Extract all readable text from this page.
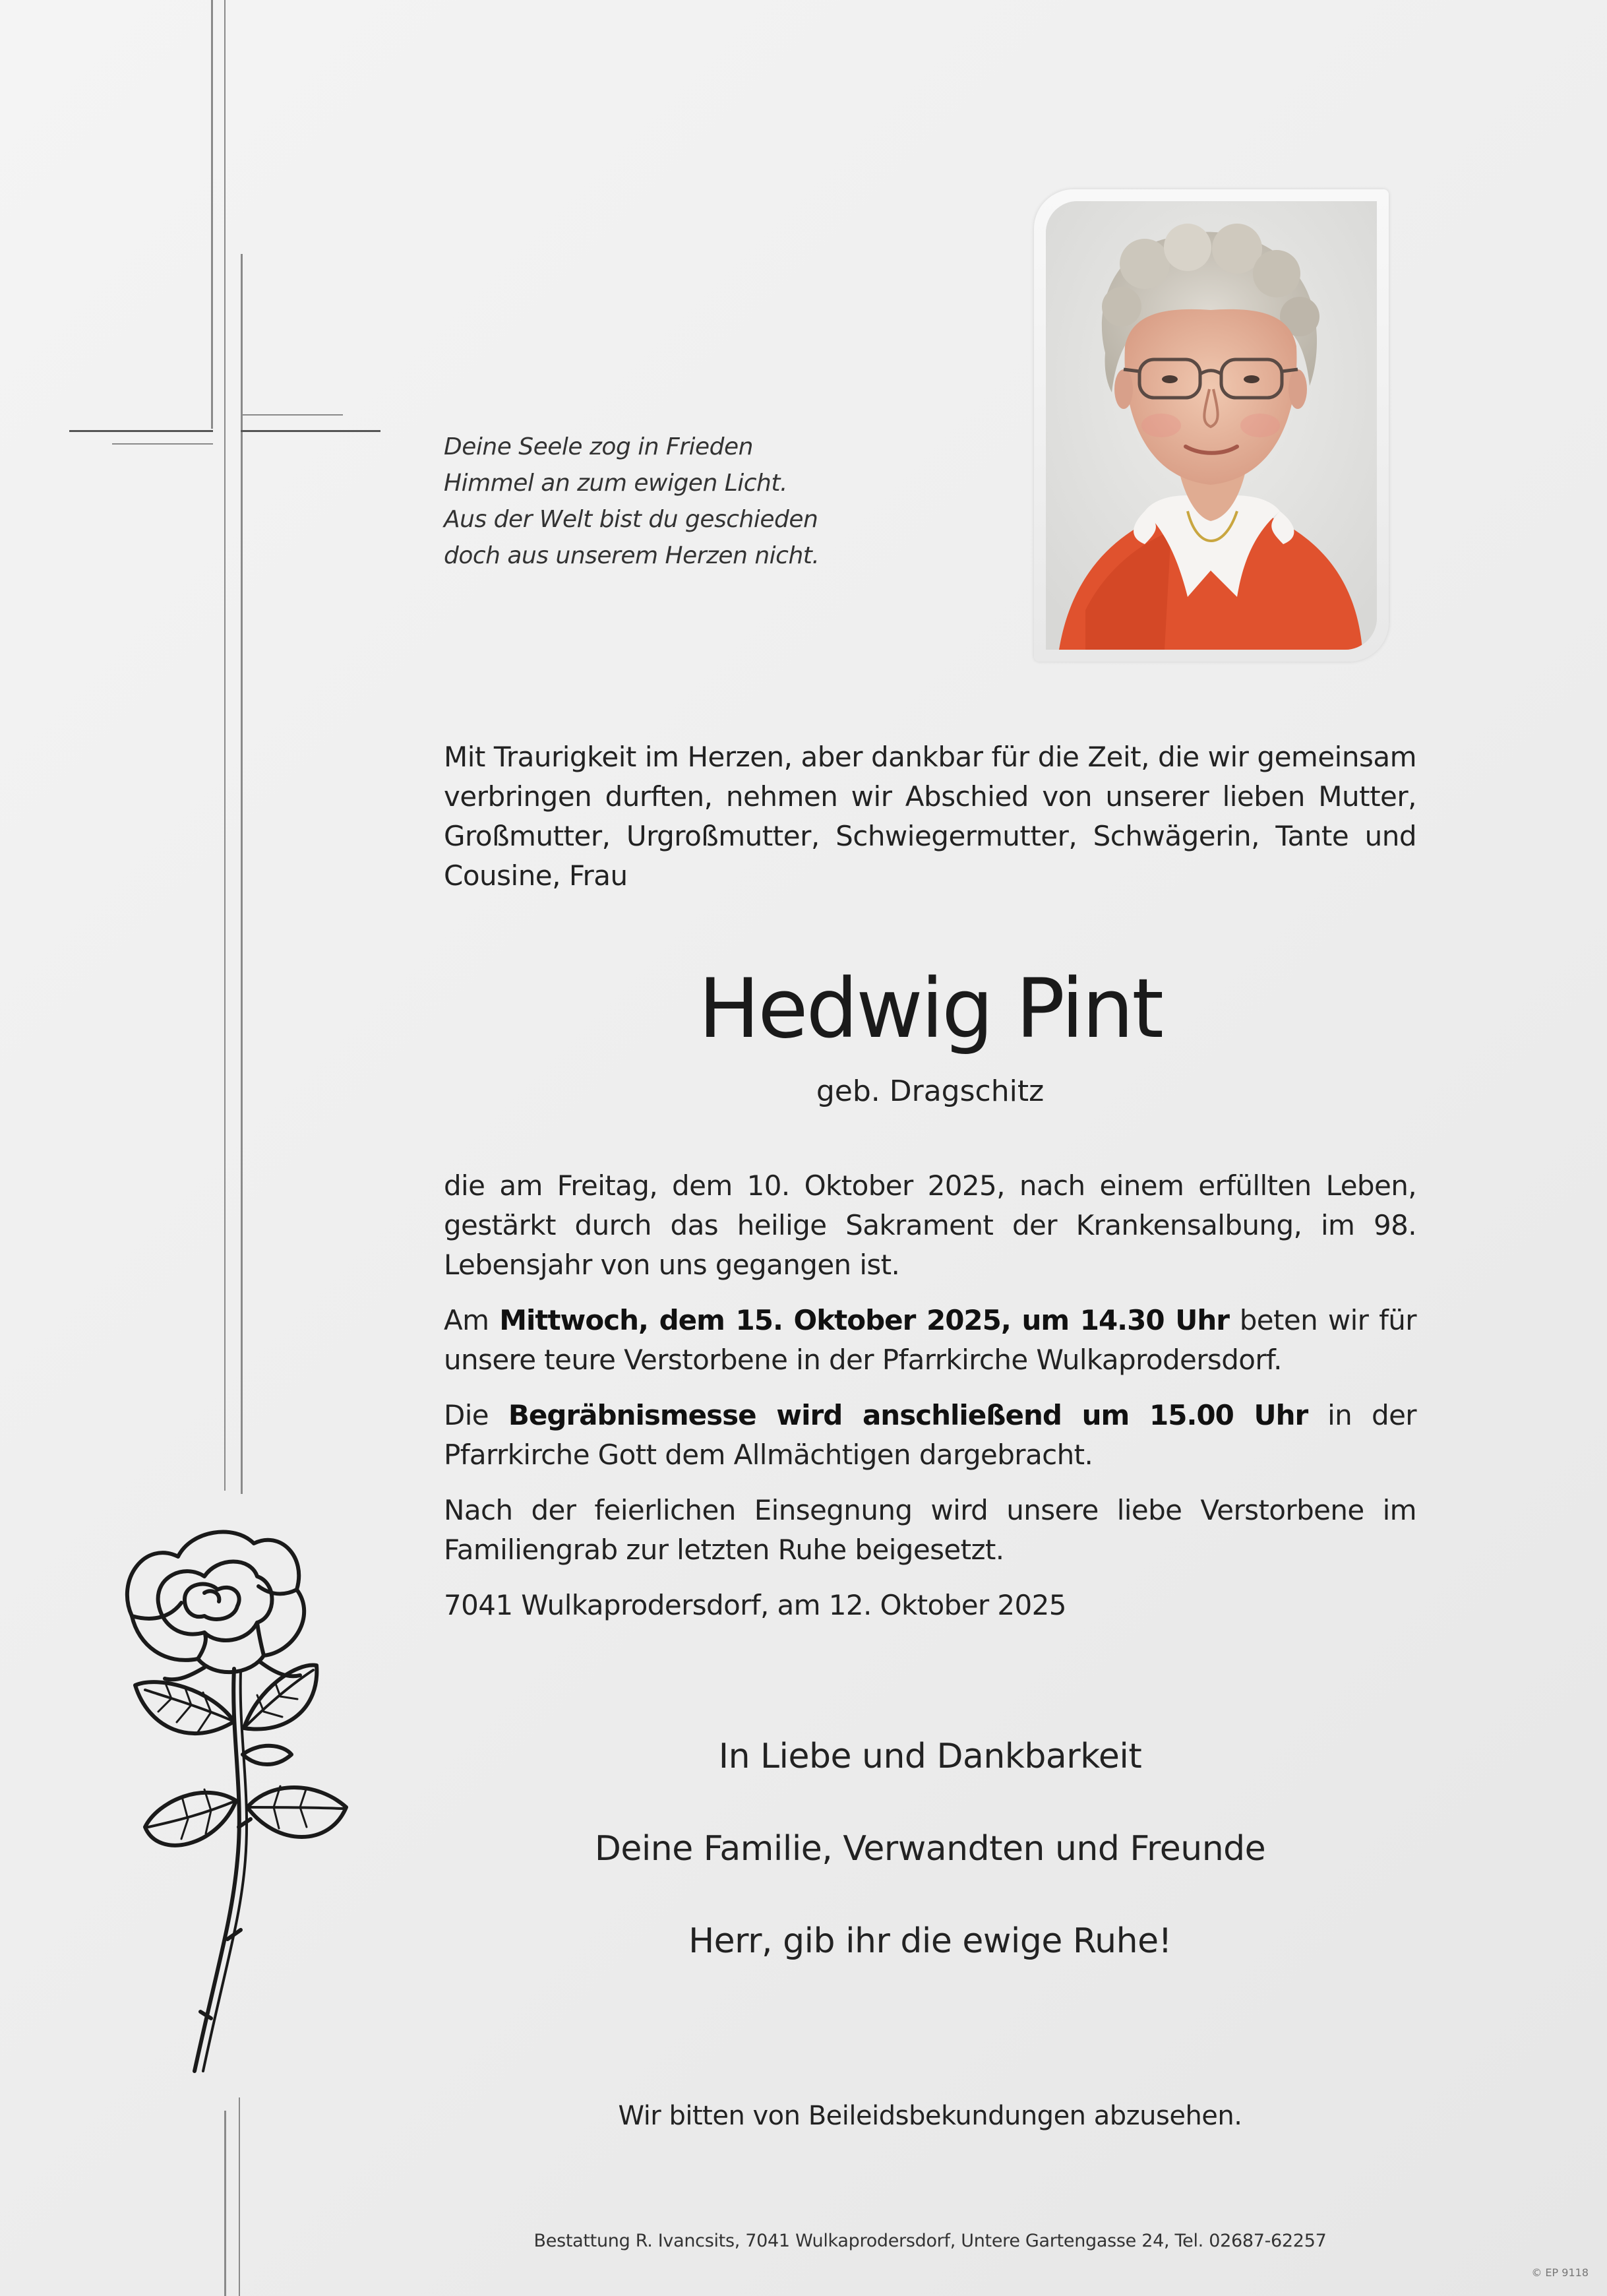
Deine Seele zog in Frieden
Himmel an zum ewigen Licht.
Aus der Welt bist du geschieden
doch aus unserem Herzen nicht.
Mit Traurigkeit im Herzen, aber dankbar für die Zeit, die wir gemeinsam verbringen durften, nehmen wir Abschied von unserer lieben Mutter, Großmutter, Urgroßmutter, Schwiegermutter, Schwägerin, Tante und Cousine, Frau
Hedwig Pint
geb. Dragschitz
die am Freitag, dem 10. Oktober 2025, nach einem erfüllten Leben, gestärkt durch das heilige Sakrament der Krankensalbung, im 98. Lebensjahr von uns gegangen ist.
Am Mittwoch, dem 15. Oktober 2025, um 14.30 Uhr beten wir für unsere teure Verstorbene in der Pfarrkirche Wulkaprodersdorf.
Die Begräbnismesse wird anschließend um 15.00 Uhr in der Pfarrkirche Gott dem Allmächtigen dargebracht.
Nach der feierlichen Einsegnung wird unsere liebe Verstorbene im Familiengrab zur letzten Ruhe beigesetzt.
7041 Wulkaprodersdorf, am 12. Oktober 2025
In Liebe und Dankbarkeit
Deine Familie, Verwandten und Freunde
Herr, gib ihr die ewige Ruhe!
Wir bitten von Beileidsbekundungen abzusehen.
Bestattung R. Ivancsits, 7041 Wulkaprodersdorf, Untere Gartengasse 24, Tel. 02687-62257
© EP 9118
